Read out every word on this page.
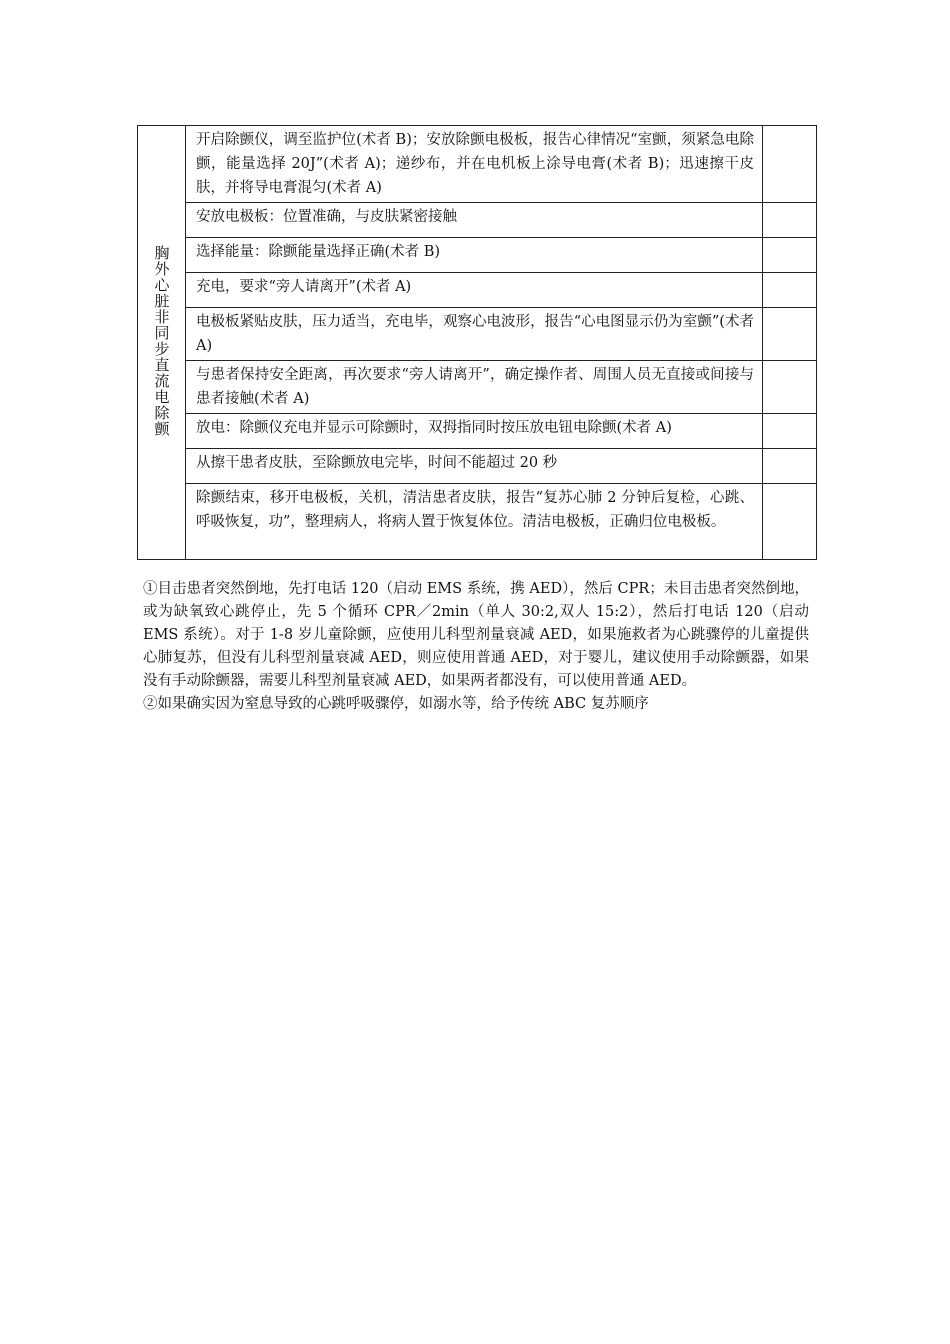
胸外心脏非同步直流电除颤	开启除颤仪，调至监护位(术者 B)；安放除颤电极板，报告心律情况“室颤，须紧急电除颤，能量选择 20J”(术者 A)；递纱布，并在电机板上涂导电膏(术者 B)；迅速擦干皮肤，并将导电膏混匀(术者 A)	
	安放电极板：位置准确，与皮肤紧密接触	
	选择能量：除颤能量选择正确(术者 B)	
	充电，要求“旁人请离开”(术者 A)	
	电极板紧贴皮肤，压力适当，充电毕，观察心电波形，报告“心电图显示仍为室颤”(术者 A)	
	与患者保持安全距离，再次要求“旁人请离开”，确定操作者、周围人员无直接或间接与患者接触(术者 A)	
	放电：除颤仪充电并显示可除颤时，双拇指同时按压放电钮电除颤(术者 A)	
	从擦干患者皮肤，至除颤放电完毕，时间不能超过 20 秒	
	除颤结束，移开电极板，关机，清洁患者皮肤，报告“复苏心肺 2 分钟后复检，心跳、呼吸恢复，功”，整理病人，将病人置于恢复体位。清洁电极板，正确归位电极板。	

①目击患者突然倒地，先打电话 120（启动 EMS 系统，携 AED），然后 CPR；未目击患者突然倒地，或为缺氧致心跳停止，先 5 个循环 CPR／2min（单人 30:2,双人 15:2），然后打电话 120（启动 EMS 系统）。对于 1-8 岁儿童除颤，应使用儿科型剂量衰减 AED，如果施救者为心跳骤停的儿童提供心肺复苏，但没有儿科型剂量衰减 AED，则应使用普通 AED，对于婴儿，建议使用手动除颤器，如果没有手动除颤器，需要儿科型剂量衰减 AED，如果两者都没有，可以使用普通 AED。

②如果确实因为窒息导致的心跳呼吸骤停，如溺水等，给予传统 ABC 复苏顺序
